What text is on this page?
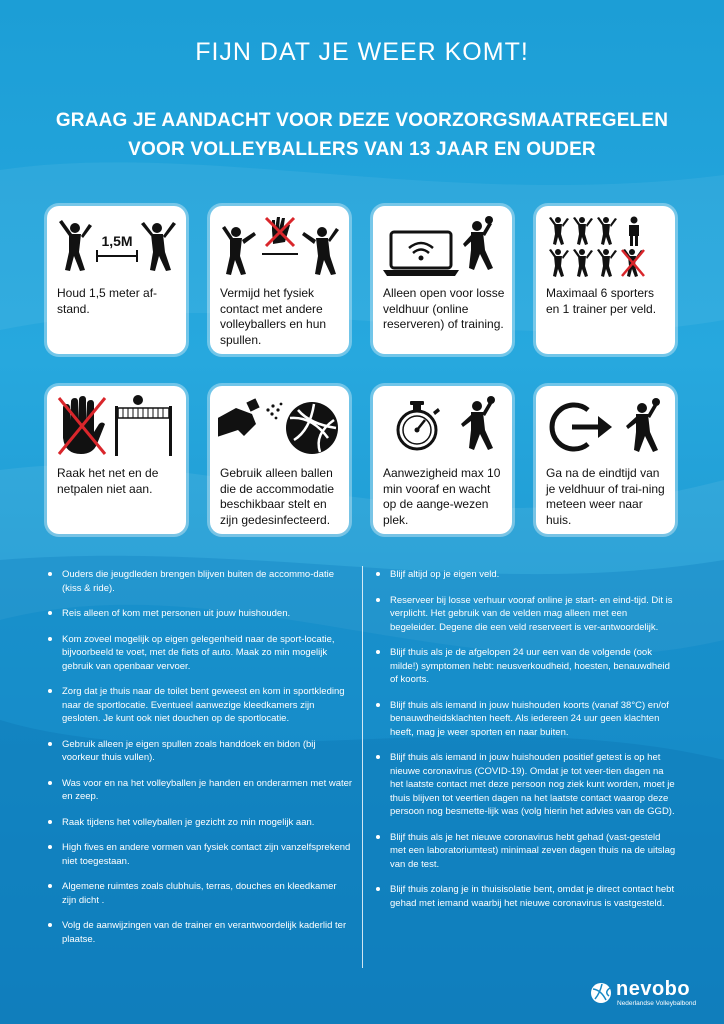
FIJN DAT JE WEER KOMT!
GRAAG JE AANDACHT VOOR DEZE VOORZORGSMAATREGELEN
VOOR VOLLEYBALLERS VAN 13 JAAR EN OUDER
1,5M
Houd 1,5 meter af-stand.
Vermijd het fysiek contact met andere volleyballers en hun spullen.
Alleen open voor losse veldhuur (online reserveren) of training.
Maximaal 6 sporters en 1 trainer per veld.
Raak het net en de netpalen niet aan.
Gebruik alleen ballen die de accommodatie beschikbaar stelt en zijn gedesinfecteerd.
Aanwezigheid max 10 min vooraf en wacht op de aange-wezen plek.
Ga na de eindtijd van je veldhuur of trai-ning meteen weer naar huis.
Ouders die jeugdleden brengen blijven buiten de accommo-datie (kiss & ride).
Reis alleen of kom met personen uit jouw huishouden.
Kom zoveel mogelijk op eigen gelegenheid naar de sport-locatie, bijvoorbeeld te voet, met de fiets of auto. Maak zo min mogelijk gebruik van openbaar vervoer.
Zorg dat je thuis naar de toilet bent geweest en kom in sportkleding naar de sportlocatie. Eventueel aanwezige kleedkamers zijn gesloten. Je kunt ook niet douchen op de sportlocatie.
Gebruik alleen je eigen spullen zoals handdoek en bidon (bij voorkeur thuis vullen).
Was voor en na het volleyballen je handen en onderarmen met water en zeep.
Raak tijdens het volleyballen je gezicht zo min mogelijk aan.
High fives en andere vormen van fysiek contact zijn vanzelfsprekend niet toegestaan.
Algemene ruimtes zoals clubhuis, terras, douches en kleedkamer zijn dicht .
Volg de aanwijzingen van de trainer en verantwoordelijk kaderlid ter plaatse.
Blijf altijd op je eigen veld.
Reserveer bij losse verhuur vooraf online je start- en eind-tijd. Dit is verplicht. Het gebruik van de velden mag alleen met een begeleider. Degene die een veld reserveert is ver-antwoordelijk.
Blijf thuis als je de afgelopen 24 uur een van de volgende (ook milde!) symptomen hebt: neusverkoudheid, hoesten, benauwdheid of koorts.
Blijf thuis als iemand in jouw huishouden koorts (vanaf 38°C) en/of benauwdheidsklachten heeft. Als iedereen 24 uur geen klachten heeft, mag je weer sporten en naar buiten.
Blijf thuis als iemand in jouw huishouden positief getest is op het nieuwe coronavirus (COVID-19). Omdat je tot veer-tien dagen na het laatste contact met deze persoon nog ziek kunt worden, moet je thuis blijven tot veertien dagen na het laatste contact waarop deze persoon nog besmette-lijk was (volg hierin het advies van de GGD).
Blijf thuis als je het nieuwe coronavirus hebt gehad (vast-gesteld met een laboratoriumtest) minimaal zeven dagen thuis na de uitslag van de test.
Blijf thuis zolang je in thuisisolatie bent, omdat je direct contact hebt gehad met iemand waarbij het nieuwe coronavirus is vastgesteld.
nevobo
Nederlandse Volleybalbond
